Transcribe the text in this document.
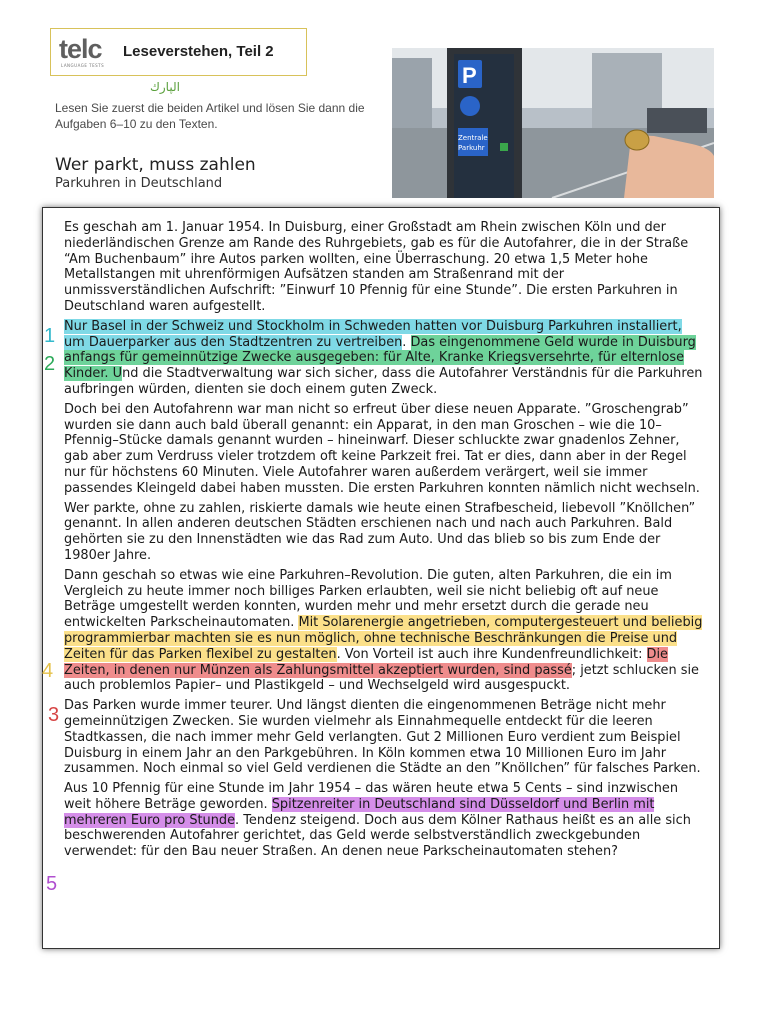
telc
LANGUAGE TESTS
Leseverstehen, Teil 2
الپارك
Lesen Sie zuerst die beiden Artikel und lösen Sie dann die Aufgaben 6–10 zu den Texten.
Wer parkt, muss zahlen
Parkuhren in Deutschland
P
Zentrale
Parkuhr

Es geschah am 1. Januar 1954. In Duisburg, einer Großstadt am Rhein zwischen Köln und der niederländischen Grenze am Rande des Ruhrgebiets, gab es für die Autofahrer, die in der Straße “Am Buchenbaum” ihre Autos parken wollten, eine Überraschung. 20 etwa 1,5 Meter hohe Metallstangen mit uhrenförmigen Aufsätzen standen am Straßenrand mit der unmissverständlichen Aufschrift: ”Einwurf 10 Pfennig für eine Stunde”. Die ersten Parkuhren in Deutschland waren aufgestellt.

Nur Basel in der Schweiz und Stockholm in Schweden hatten vor Duisburg Parkuhren installiert, um Dauerparker aus den Stadtzentren zu vertreiben. Das eingenommene Geld wurde in Duisburg anfangs für gemeinnützige Zwecke ausgegeben: für Alte, Kranke Kriegsversehrte, für elternlose Kinder. Und die Stadtverwaltung war sich sicher, dass die Autofahrer Verständnis für die Parkuhren aufbringen würden, dienten sie doch einem guten Zweck.

Doch bei den Autofahrenn war man nicht so erfreut über diese neuen Apparate. ”Groschengrab” wurden sie dann auch bald überall genannt: ein Apparat, in den man Groschen – wie die 10–Pfennig–Stücke damals genannt wurden – hineinwarf. Dieser schluckte zwar gnadenlos Zehner, gab aber zum Verdruss vieler trotzdem oft keine Parkzeit frei. Tat er dies, dann aber in der Regel nur für höchstens 60 Minuten. Viele Autofahrer waren außerdem verärgert, weil sie immer passendes Kleingeld dabei haben mussten. Die ersten Parkuhren konnten nämlich nicht wechseln.

Wer parkte, ohne zu zahlen, riskierte damals wie heute einen Strafbescheid, liebevoll ”Knöllchen” genannt. In allen anderen deutschen Städten erschienen nach und nach auch Parkuhren. Bald gehörten sie zu den Innenstädten wie das Rad zum Auto. Und das blieb so bis zum Ende der 1980er Jahre.

Dann geschah so etwas wie eine Parkuhren–Revolution. Die guten, alten Parkuhren, die ein im Vergleich zu heute immer noch billiges Parken erlaubten, weil sie nicht beliebig oft auf neue Beträge umgestellt werden konnten, wurden mehr und mehr ersetzt durch die gerade neu entwickelten Parkscheinautomaten. Mit Solarenergie angetrieben, computergesteuert und beliebig programmierbar machten sie es nun möglich, ohne technische Beschränkungen die Preise und Zeiten für das Parken flexibel zu gestalten. Von Vorteil ist auch ihre Kundenfreundlichkeit: Die Zeiten, in denen nur Münzen als Zahlungsmittel akzeptiert wurden, sind passé; jetzt schlucken sie auch problemlos Papier– und Plastikgeld – und Wechselgeld wird ausgespuckt.

Das Parken wurde immer teurer. Und längst dienten die eingenommenen Beträge nicht mehr gemeinnützigen Zwecken. Sie wurden vielmehr als Einnahmequelle entdeckt für die leeren Stadtkassen, die nach immer mehr Geld verlangten. Gut 2 Millionen Euro verdient zum Beispiel Duisburg in einem Jahr an den Parkgebühren. In Köln kommen etwa 10 Millionen Euro im Jahr zusammen. Noch einmal so viel Geld verdienen die Städte an den ”Knöllchen” für falsches Parken.

Aus 10 Pfennig für eine Stunde im Jahr 1954 – das wären heute etwa 5 Cents – sind inzwischen weit höhere Beträge geworden. Spitzenreiter in Deutschland sind Düsseldorf und Berlin mit mehreren Euro pro Stunde. Tendenz steigend. Doch aus dem Kölner Rathaus heißt es an alle sich beschwerenden Autofahrer gerichtet, das Geld werde selbstverständlich zweckgebunden verwendet: für den Bau neuer Straßen. An denen neue Parkscheinautomaten stehen?

1
2
4
3
5
